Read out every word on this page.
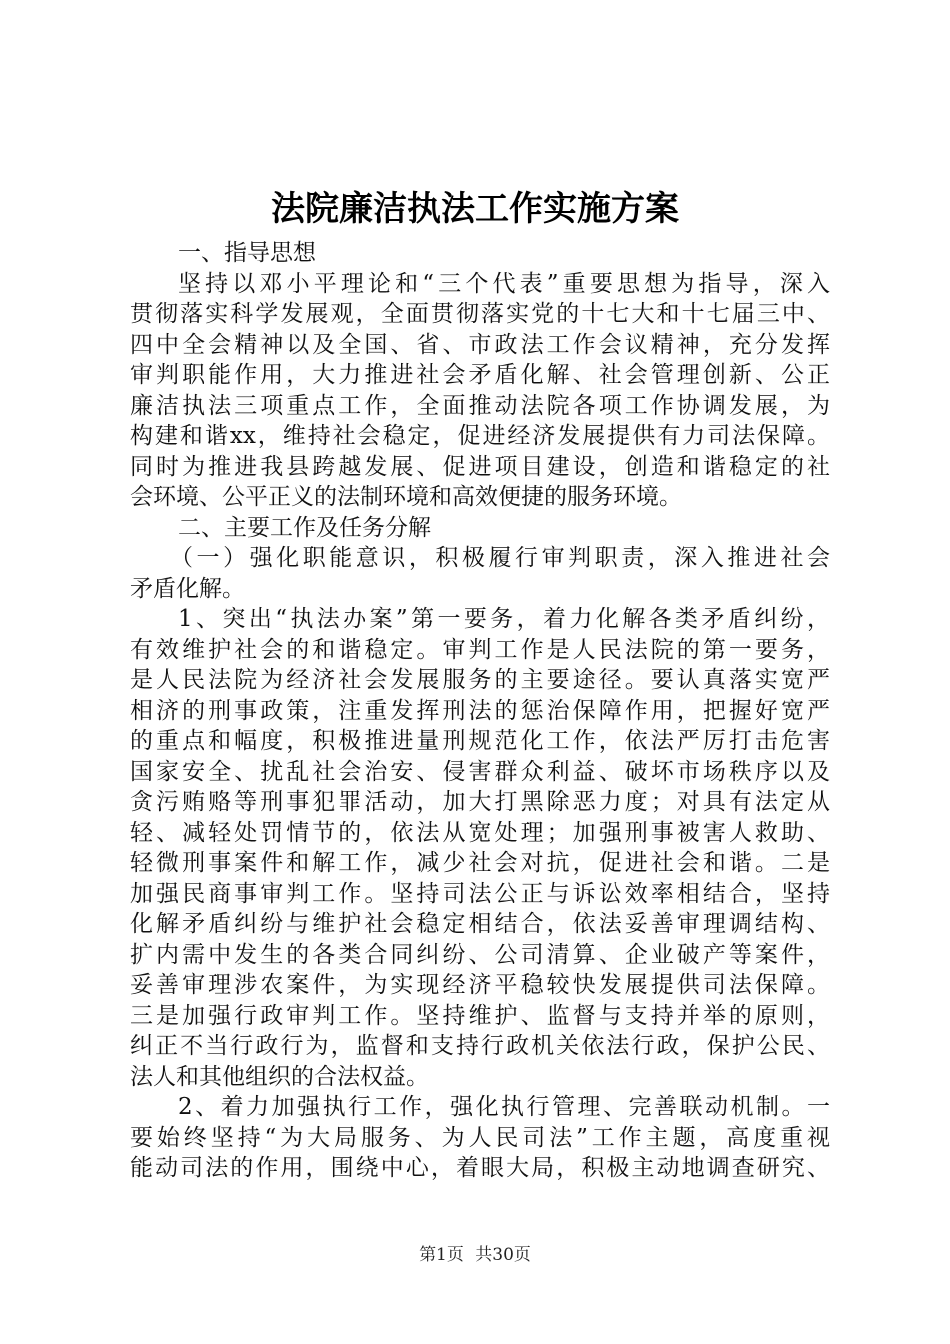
法院廉洁执法工作实施方案
一、指导思想
坚持以邓小平理论和“三个代表”重要思想为指导，深入
贯彻落实科学发展观，全面贯彻落实党的十七大和十七届三中、
四中全会精神以及全国、省、市政法工作会议精神，充分发挥
审判职能作用，大力推进社会矛盾化解、社会管理创新、公正
廉洁执法三项重点工作，全面推动法院各项工作协调发展，为
构建和谐xx，维持社会稳定，促进经济发展提供有力司法保障。
同时为推进我县跨越发展、促进项目建设，创造和谐稳定的社
会环境、公平正义的法制环境和高效便捷的服务环境。
二、主要工作及任务分解
（一）强化职能意识，积极履行审判职责，深入推进社会
矛盾化解。
1、突出“执法办案”第一要务，着力化解各类矛盾纠纷，
有效维护社会的和谐稳定。审判工作是人民法院的第一要务，
是人民法院为经济社会发展服务的主要途径。要认真落实宽严
相济的刑事政策，注重发挥刑法的惩治保障作用，把握好宽严
的重点和幅度，积极推进量刑规范化工作，依法严厉打击危害
国家安全、扰乱社会治安、侵害群众利益、破坏市场秩序以及
贪污贿赂等刑事犯罪活动，加大打黑除恶力度；对具有法定从
轻、减轻处罚情节的，依法从宽处理；加强刑事被害人救助、
轻微刑事案件和解工作，减少社会对抗，促进社会和谐。二是
加强民商事审判工作。坚持司法公正与诉讼效率相结合，坚持
化解矛盾纠纷与维护社会稳定相结合，依法妥善审理调结构、
扩内需中发生的各类合同纠纷、公司清算、企业破产等案件，
妥善审理涉农案件，为实现经济平稳较快发展提供司法保障。
三是加强行政审判工作。坚持维护、监督与支持并举的原则，
纠正不当行政行为，监督和支持行政机关依法行政，保护公民、
法人和其他组织的合法权益。
2、着力加强执行工作，强化执行管理、完善联动机制。一
要始终坚持“为大局服务、为人民司法”工作主题，高度重视
能动司法的作用，围绕中心，着眼大局，积极主动地调查研究、
第1页 共30页
